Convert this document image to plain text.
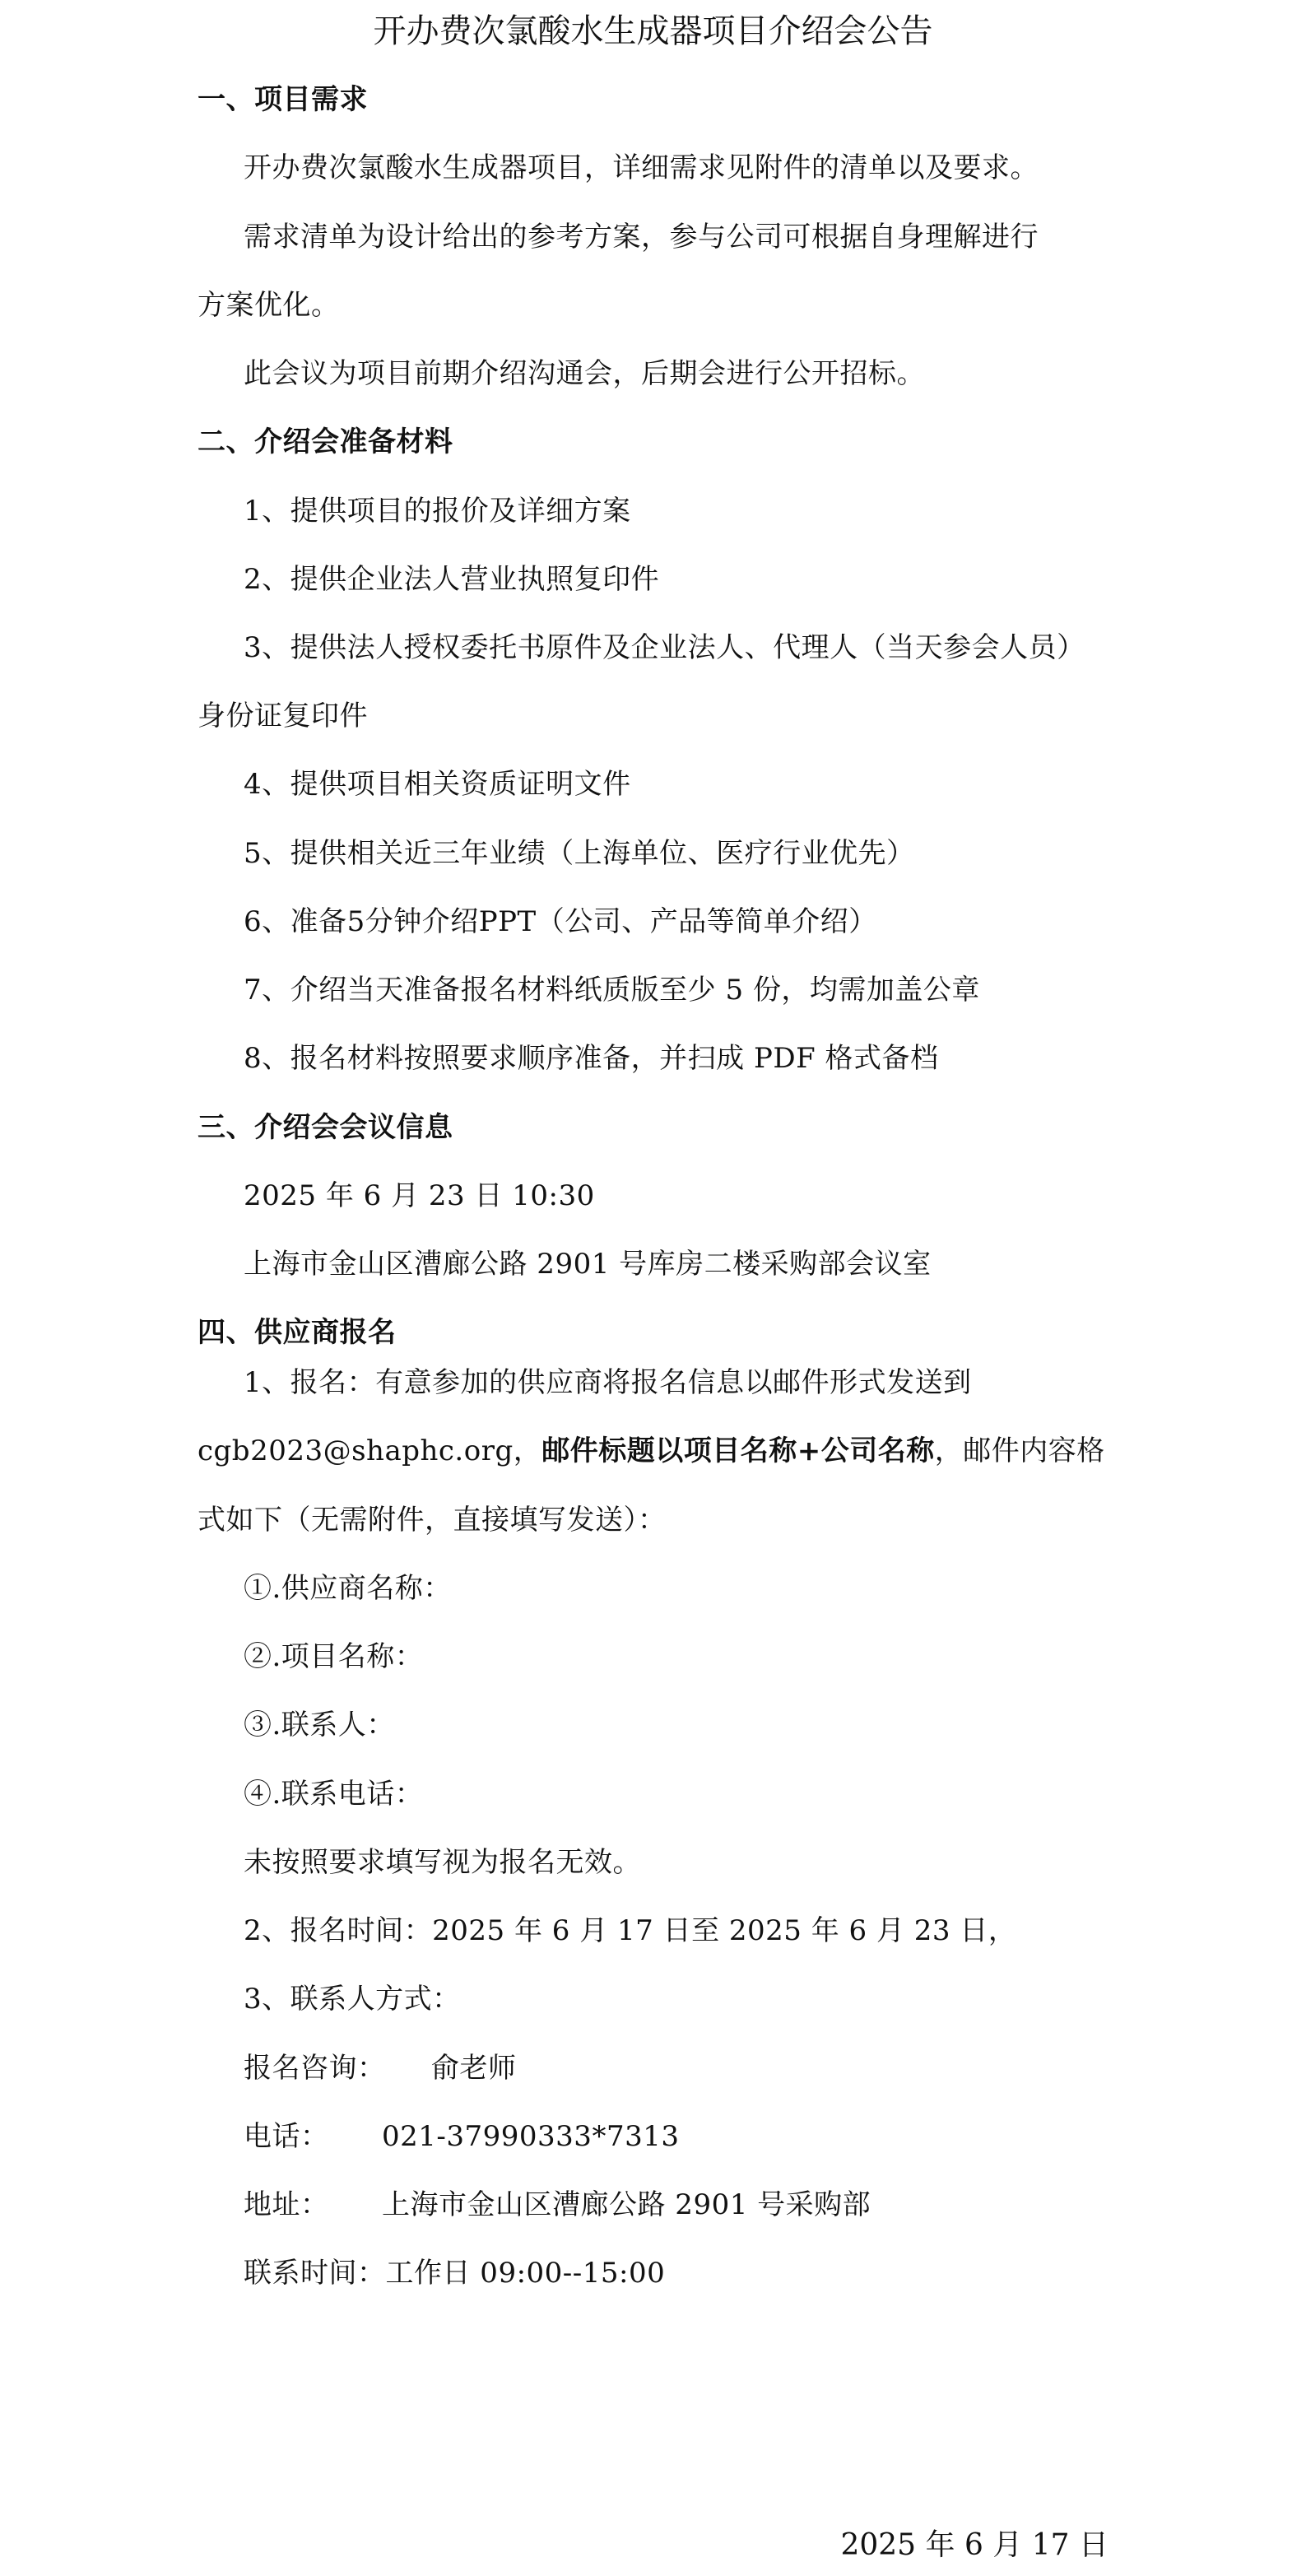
开办费次氯酸水生成器项目介绍会公告
一、项目需求
开办费次氯酸水生成器项目，详细需求见附件的清单以及要求。
需求清单为设计给出的参考方案，参与公司可根据自身理解进行
方案优化。
此会议为项目前期介绍沟通会，后期会进行公开招标。
二、介绍会准备材料
1、提供项目的报价及详细方案
2、提供企业法人营业执照复印件
3、提供法人授权委托书原件及企业法人、代理人（当天参会人员）
身份证复印件
4、提供项目相关资质证明文件
5、提供相关近三年业绩（上海单位、医疗行业优先）
6、准备5分钟介绍PPT（公司、产品等简单介绍）
7、介绍当天准备报名材料纸质版至少 5 份，均需加盖公章
8、报名材料按照要求顺序准备，并扫成 PDF 格式备档
三、介绍会会议信息
2025 年 6 月 23 日 10:30
上海市金山区漕廊公路 2901 号库房二楼采购部会议室
四、供应商报名
1、报名：有意参加的供应商将报名信息以邮件形式发送到
cgb2023@shaphc.org，邮件标题以项目名称+公司名称，邮件内容格
式如下（无需附件，直接填写发送）：
①.供应商名称：
②.项目名称：
③.联系人：
④.联系电话：
未按照要求填写视为报名无效。
2、报名时间：2025 年 6 月 17 日至 2025 年 6 月 23 日，
3、联系人方式：
报名咨询： 俞老师
电话： 021-37990333*7313
地址： 上海市金山区漕廊公路 2901 号采购部
联系时间：工作日 09:00--15:00
2025 年 6 月 17 日
